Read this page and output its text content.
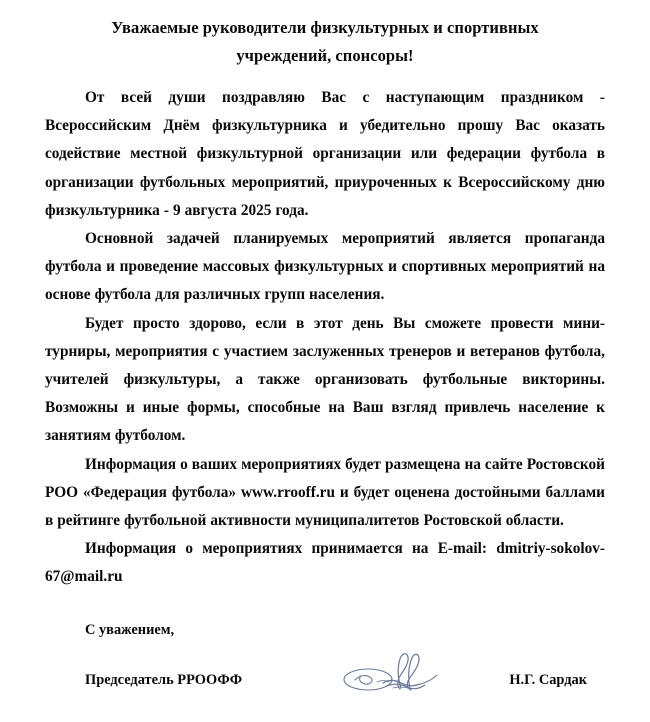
Уважаемые руководители физкультурных и спортивных учреждений, спонсоры!

От всей души поздравляю Вас с наступающим праздником - Всероссийским Днём физкультурника и убедительно прошу Вас оказать содействие местной физкультурной организации или федерации футбола в организации футбольных мероприятий, приуроченных к Всероссийскому дню физкультурника - 9 августа 2025 года.

Основной задачей планируемых мероприятий является пропаганда футбола и проведение массовых физкультурных и спортивных мероприятий на основе футбола для различных групп населения.

Будет просто здорово, если в этот день Вы сможете провести мини-турниры, мероприятия с участием заслуженных тренеров и ветеранов футбола, учителей физкультуры, а также организовать футбольные викторины. Возможны и иные формы, способные на Ваш взгляд привлечь население к занятиям футболом.

Информация о ваших мероприятиях будет размещена на сайте Ростовской РОО «Федерация футбола» www.rrooff.ru и будет оценена достойными баллами в рейтинге футбольной активности муниципалитетов Ростовской области.

Информация о мероприятиях принимается на E-mail: dmitriy-sokolov-67@mail.ru

С уважением,

Председатель РРООФФ	Н.Г. Сардак
